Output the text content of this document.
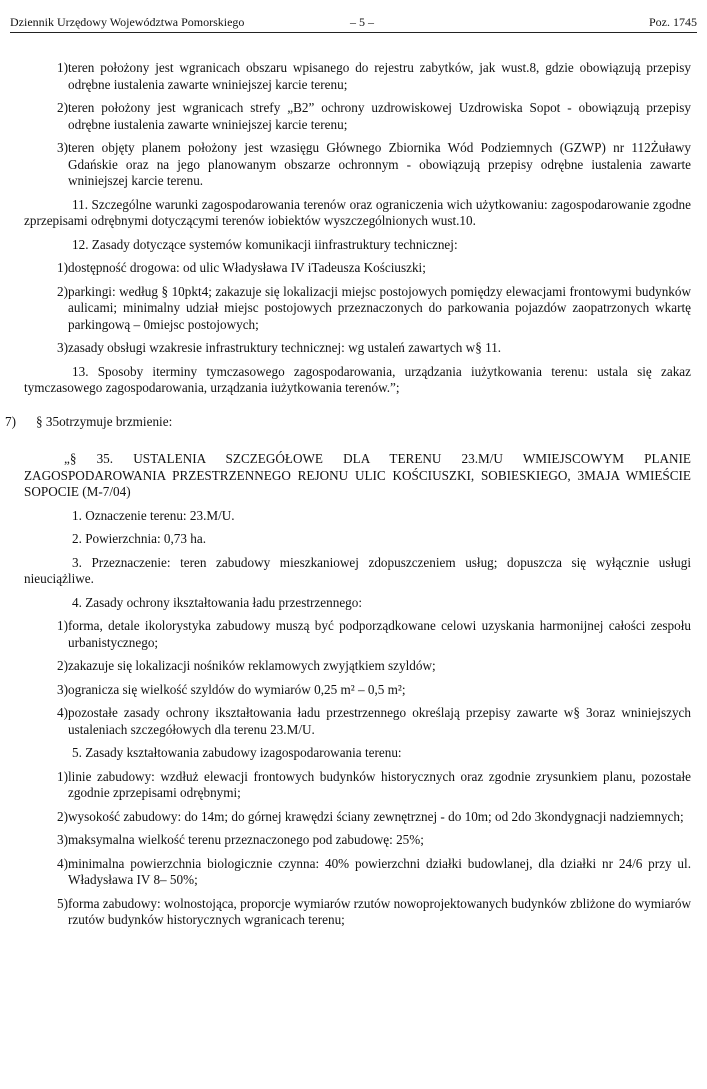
Dziennik Urzędowy Województwa Pomorskiego	– 5 –	Poz. 1745
1) teren położony jest wgranicach obszaru wpisanego do rejestru zabytków, jak wust.8, gdzie obowiązują przepisy odrębne iustalenia zawarte wniniejszej karcie terenu;
2) teren położony jest wgranicach strefy „B2” ochrony uzdrowiskowej Uzdrowiska Sopot - obowiązują przepisy odrębne iustalenia zawarte wniniejszej karcie terenu;
3) teren objęty planem położony jest wzasięgu Głównego Zbiornika Wód Podziemnych (GZWP) nr 112Żuławy Gdańskie oraz na jego planowanym obszarze ochronnym - obowiązują przepisy odrębne iustalenia zawarte wniniejszej karcie terenu.
11. Szczególne warunki zagospodarowania terenów oraz ograniczenia wich użytkowaniu: zagospodarowanie zgodne zprzepisami odrębnymi dotyczącymi terenów iobiektów wyszczególnionych wust.10.
12. Zasady dotyczące systemów komunikacji iinfrastruktury technicznej:
1) dostępność drogowa: od ulic Władysława IV iTadeusza Kościuszki;
2) parkingi: według § 10pkt4; zakazuje się lokalizacji miejsc postojowych pomiędzy elewacjami frontowymi budynków aulicami; minimalny udział miejsc postojowych przeznaczonych do parkowania pojazdów zaopatrzonych wkartę parkingową – 0miejsc postojowych;
3) zasady obsługi wzakresie infrastruktury technicznej: wg ustaleń zawartych w§ 11.
13. Sposoby iterminy tymczasowego zagospodarowania, urządzania iużytkowania terenu: ustala się zakaz tymczasowego zagospodarowania, urządzania iużytkowania terenów.”;
7) § 35otrzymuje brzmienie:
„§ 35. USTALENIA SZCZEGÓŁOWE DLA TERENU 23.M/U WMIEJSCOWYM PLANIE ZAGOSPODAROWANIA PRZESTRZENNEGO REJONU ULIC KOŚCIUSZKI, SOBIESKIEGO, 3MAJA WMIEŚCIE SOPOCIE (M-7/04)
1. Oznaczenie terenu: 23.M/U.
2. Powierzchnia: 0,73 ha.
3. Przeznaczenie: teren zabudowy mieszkaniowej zdopuszczeniem usług; dopuszcza się wyłącznie usługi nieuciążliwe.
4. Zasady ochrony ikształtowania ładu przestrzennego:
1) forma, detale ikolorystyka zabudowy muszą być podporządkowane celowi uzyskania harmonijnej całości zespołu urbanistycznego;
2) zakazuje się lokalizacji nośników reklamowych zwyjątkiem szyldów;
3) ogranicza się wielkość szyldów do wymiarów 0,25 m² – 0,5 m²;
4) pozostałe zasady ochrony ikształtowania ładu przestrzennego określają przepisy zawarte w§ 3oraz wniniejszych ustaleniach szczegółowych dla terenu 23.M/U.
5. Zasady kształtowania zabudowy izagospodarowania terenu:
1) linie zabudowy: wzdłuż elewacji frontowych budynków historycznych oraz zgodnie zrysunkiem planu, pozostałe zgodnie zprzepisami odrębnymi;
2) wysokość zabudowy: do 14m; do górnej krawędzi ściany zewnętrznej - do 10m; od 2do 3kondygnacji nadziemnych;
3) maksymalna wielkość terenu przeznaczonego pod zabudowę: 25%;
4) minimalna powierzchnia biologicznie czynna: 40% powierzchni działki budowlanej, dla działki nr 24/6 przy ul. Władysława IV 8– 50%;
5) forma zabudowy: wolnostojąca, proporcje wymiarów rzutów nowoprojektowanych budynków zbliżone do wymiarów rzutów budynków historycznych wgranicach terenu;
